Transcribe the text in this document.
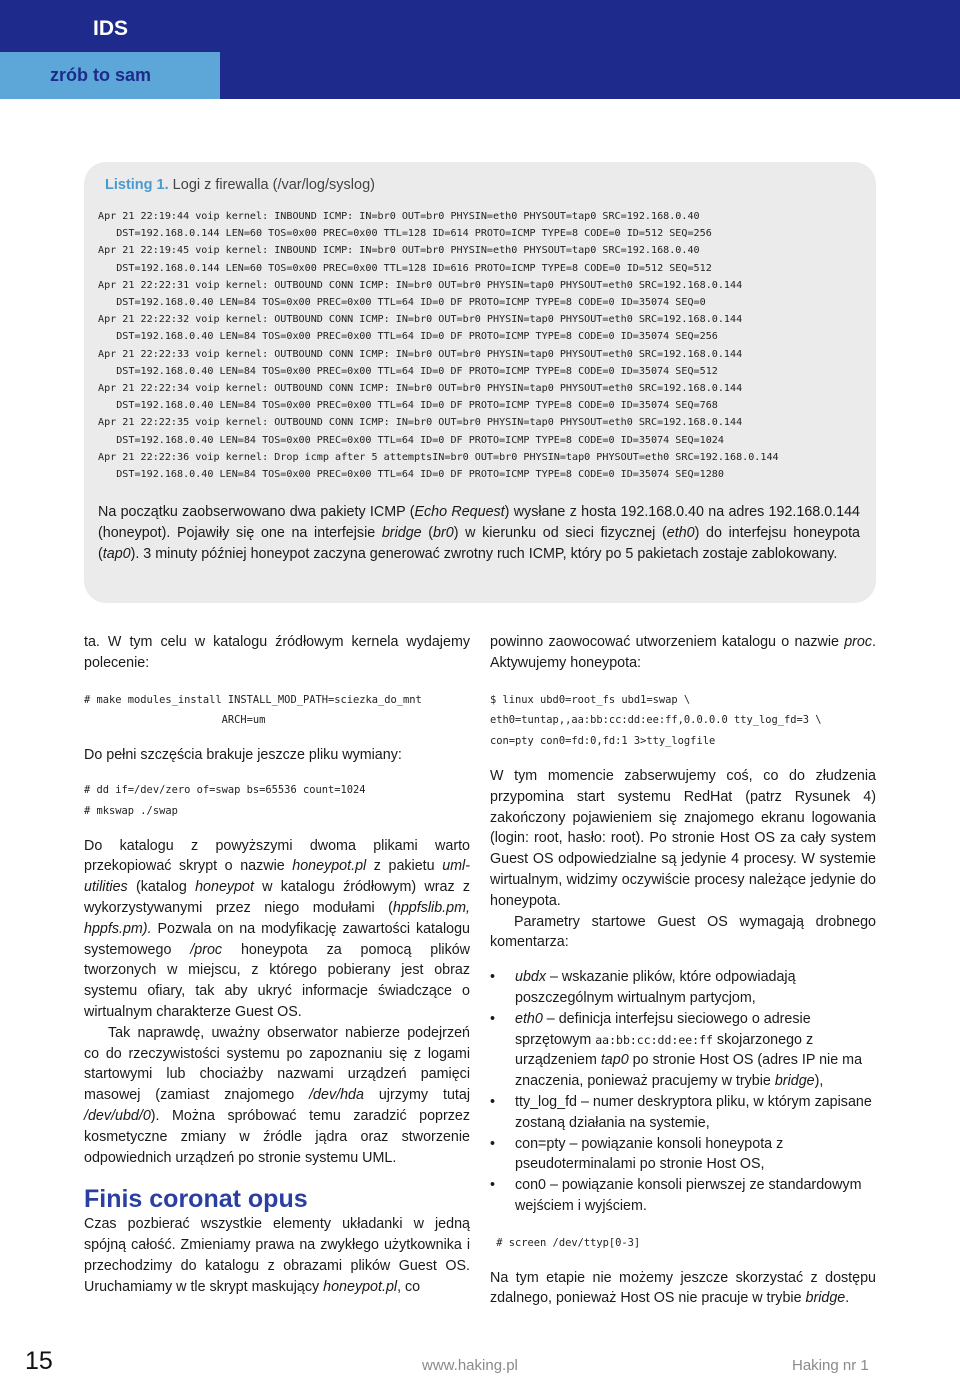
IDS
zrób to sam
Listing 1. Logi z firewalla (/var/log/syslog)
Apr 21 22:19:44 voip kernel: INBOUND ICMP: IN=br0 OUT=br0 PHYSIN=eth0 PHYSOUT=tap0 SRC=192.168.0.40
DST=192.168.0.144 LEN=60 TOS=0x00 PREC=0x00 TTL=128 ID=614 PROTO=ICMP TYPE=8 CODE=0 ID=512 SEQ=256
Apr 21 22:19:45 voip kernel: INBOUND ICMP: IN=br0 OUT=br0 PHYSIN=eth0 PHYSOUT=tap0 SRC=192.168.0.40
DST=192.168.0.144 LEN=60 TOS=0x00 PREC=0x00 TTL=128 ID=616 PROTO=ICMP TYPE=8 CODE=0 ID=512 SEQ=512
Apr 21 22:22:31 voip kernel: OUTBOUND CONN ICMP: IN=br0 OUT=br0 PHYSIN=tap0 PHYSOUT=eth0 SRC=192.168.0.144
DST=192.168.0.40 LEN=84 TOS=0x00 PREC=0x00 TTL=64 ID=0 DF PROTO=ICMP TYPE=8 CODE=0 ID=35074 SEQ=0
Apr 21 22:22:32 voip kernel: OUTBOUND CONN ICMP: IN=br0 OUT=br0 PHYSIN=tap0 PHYSOUT=eth0 SRC=192.168.0.144
DST=192.168.0.40 LEN=84 TOS=0x00 PREC=0x00 TTL=64 ID=0 DF PROTO=ICMP TYPE=8 CODE=0 ID=35074 SEQ=256
Apr 21 22:22:33 voip kernel: OUTBOUND CONN ICMP: IN=br0 OUT=br0 PHYSIN=tap0 PHYSOUT=eth0 SRC=192.168.0.144
DST=192.168.0.40 LEN=84 TOS=0x00 PREC=0x00 TTL=64 ID=0 DF PROTO=ICMP TYPE=8 CODE=0 ID=35074 SEQ=512
Apr 21 22:22:34 voip kernel: OUTBOUND CONN ICMP: IN=br0 OUT=br0 PHYSIN=tap0 PHYSOUT=eth0 SRC=192.168.0.144
DST=192.168.0.40 LEN=84 TOS=0x00 PREC=0x00 TTL=64 ID=0 DF PROTO=ICMP TYPE=8 CODE=0 ID=35074 SEQ=768
Apr 21 22:22:35 voip kernel: OUTBOUND CONN ICMP: IN=br0 OUT=br0 PHYSIN=tap0 PHYSOUT=eth0 SRC=192.168.0.144
DST=192.168.0.40 LEN=84 TOS=0x00 PREC=0x00 TTL=64 ID=0 DF PROTO=ICMP TYPE=8 CODE=0 ID=35074 SEQ=1024
Apr 21 22:22:36 voip kernel: Drop icmp after 5 attemptsIN=br0 OUT=br0 PHYSIN=tap0 PHYSOUT=eth0 SRC=192.168.0.144
DST=192.168.0.40 LEN=84 TOS=0x00 PREC=0x00 TTL=64 ID=0 DF PROTO=ICMP TYPE=8 CODE=0 ID=35074 SEQ=1280
Na początku zaobserwowano dwa pakiety ICMP (Echo Request) wysłane z hosta 192.168.0.40 na adres 192.168.0.144 (honeypot). Pojawiły się one na interfejsie bridge (br0) w kierunku od sieci fizycznej (eth0) do interfejsu honeypota (tap0). 3 minuty później honeypot zaczyna generować zwrotny ruch ICMP, który po 5 pakietach zostaje zablokowany.

ta. W tym celu w katalogu źródłowym kernela wydajemy polecenie:

# make modules_install INSTALL_MOD_PATH=sciezka_do_mnt
ARCH=um

Do pełni szczęścia brakuje jeszcze pliku wymiany:

# dd if=/dev/zero of=swap bs=65536 count=1024
# mkswap ./swap

Do katalogu z powyższymi dwoma plikami warto przekopiować skrypt o nazwie honeypot.pl z pakietu uml-utilities (katalog honeypot w katalogu źródłowym) wraz z wykorzystywanymi przez niego modułami (hppfslib.pm, hppfs.pm). Pozwala on na modyfikację zawartości katalogu systemowego /proc honeypota za pomocą plików tworzonych w miejscu, z którego pobierany jest obraz systemu ofiary, tak aby ukryć informacje świadczące o wirtualnym charakterze Guest OS.

Tak naprawdę, uważny obserwator nabierze podejrzeń co do rzeczywistości systemu po zapoznaniu się z logami startowymi lub chociażby nazwami urządzeń pamięci masowej (zamiast znajomego /dev/hda ujrzymy tutaj /dev/ubd/0). Można spróbować temu zaradzić poprzez kosmetyczne zmiany w źródle jądra oraz stworzenie odpowiednich urządzeń po stronie systemu UML.

Finis coronat opus

Czas pozbierać wszystkie elementy układanki w jedną spójną całość. Zmieniamy prawa na zwykłego użytkownika i przechodzimy do katalogu z obrazami plików Guest OS. Uruchamiamy w tle skrypt maskujący honeypot.pl, co

powinno zaowocować utworzeniem katalogu o nazwie proc. Aktywujemy honeypota:

$ linux ubd0=root_fs ubd1=swap \
eth0=tuntap,,aa:bb:cc:dd:ee:ff,0.0.0.0 tty_log_fd=3 \
con=pty con0=fd:0,fd:1 3>tty_logfile

W tym momencie zabserwujemy coś, co do złudzenia przypomina start systemu RedHat (patrz Rysunek 4) zakończony pojawieniem się znajomego ekranu logowania (login: root, hasło: root). Po stronie Host OS za cały system Guest OS odpowiedzialne są jedynie 4 procesy. W systemie wirtualnym, widzimy oczywiście procesy należące jedynie do honeypota.

Parametry startowe Guest OS wymagają drobnego komentarza:

• ubdx – wskazanie plików, które odpowiadają poszczególnym wirtualnym partycjom,
• eth0 – definicja interfejsu sieciowego o adresie sprzętowym aa:bb:cc:dd:ee:ff skojarzonego z urządzeniem tap0 po stronie Host OS (adres IP nie ma znaczenia, ponieważ pracujemy w trybie bridge),
• tty_log_fd – numer deskryptora pliku, w którym zapisane zostaną działania na systemie,
• con=pty – powiązanie konsoli honeypota z pseudoterminalami po stronie Host OS,
• con0 – powiązanie konsoli pierwszej ze standardowym wejściem i wyjściem.
# screen /dev/ttyp[0-3]

Na tym etapie nie możemy jeszcze skorzystać z dostępu zdalnego, ponieważ Host OS nie pracuje w trybie bridge.

15	www.haking.pl	Haking nr 1
